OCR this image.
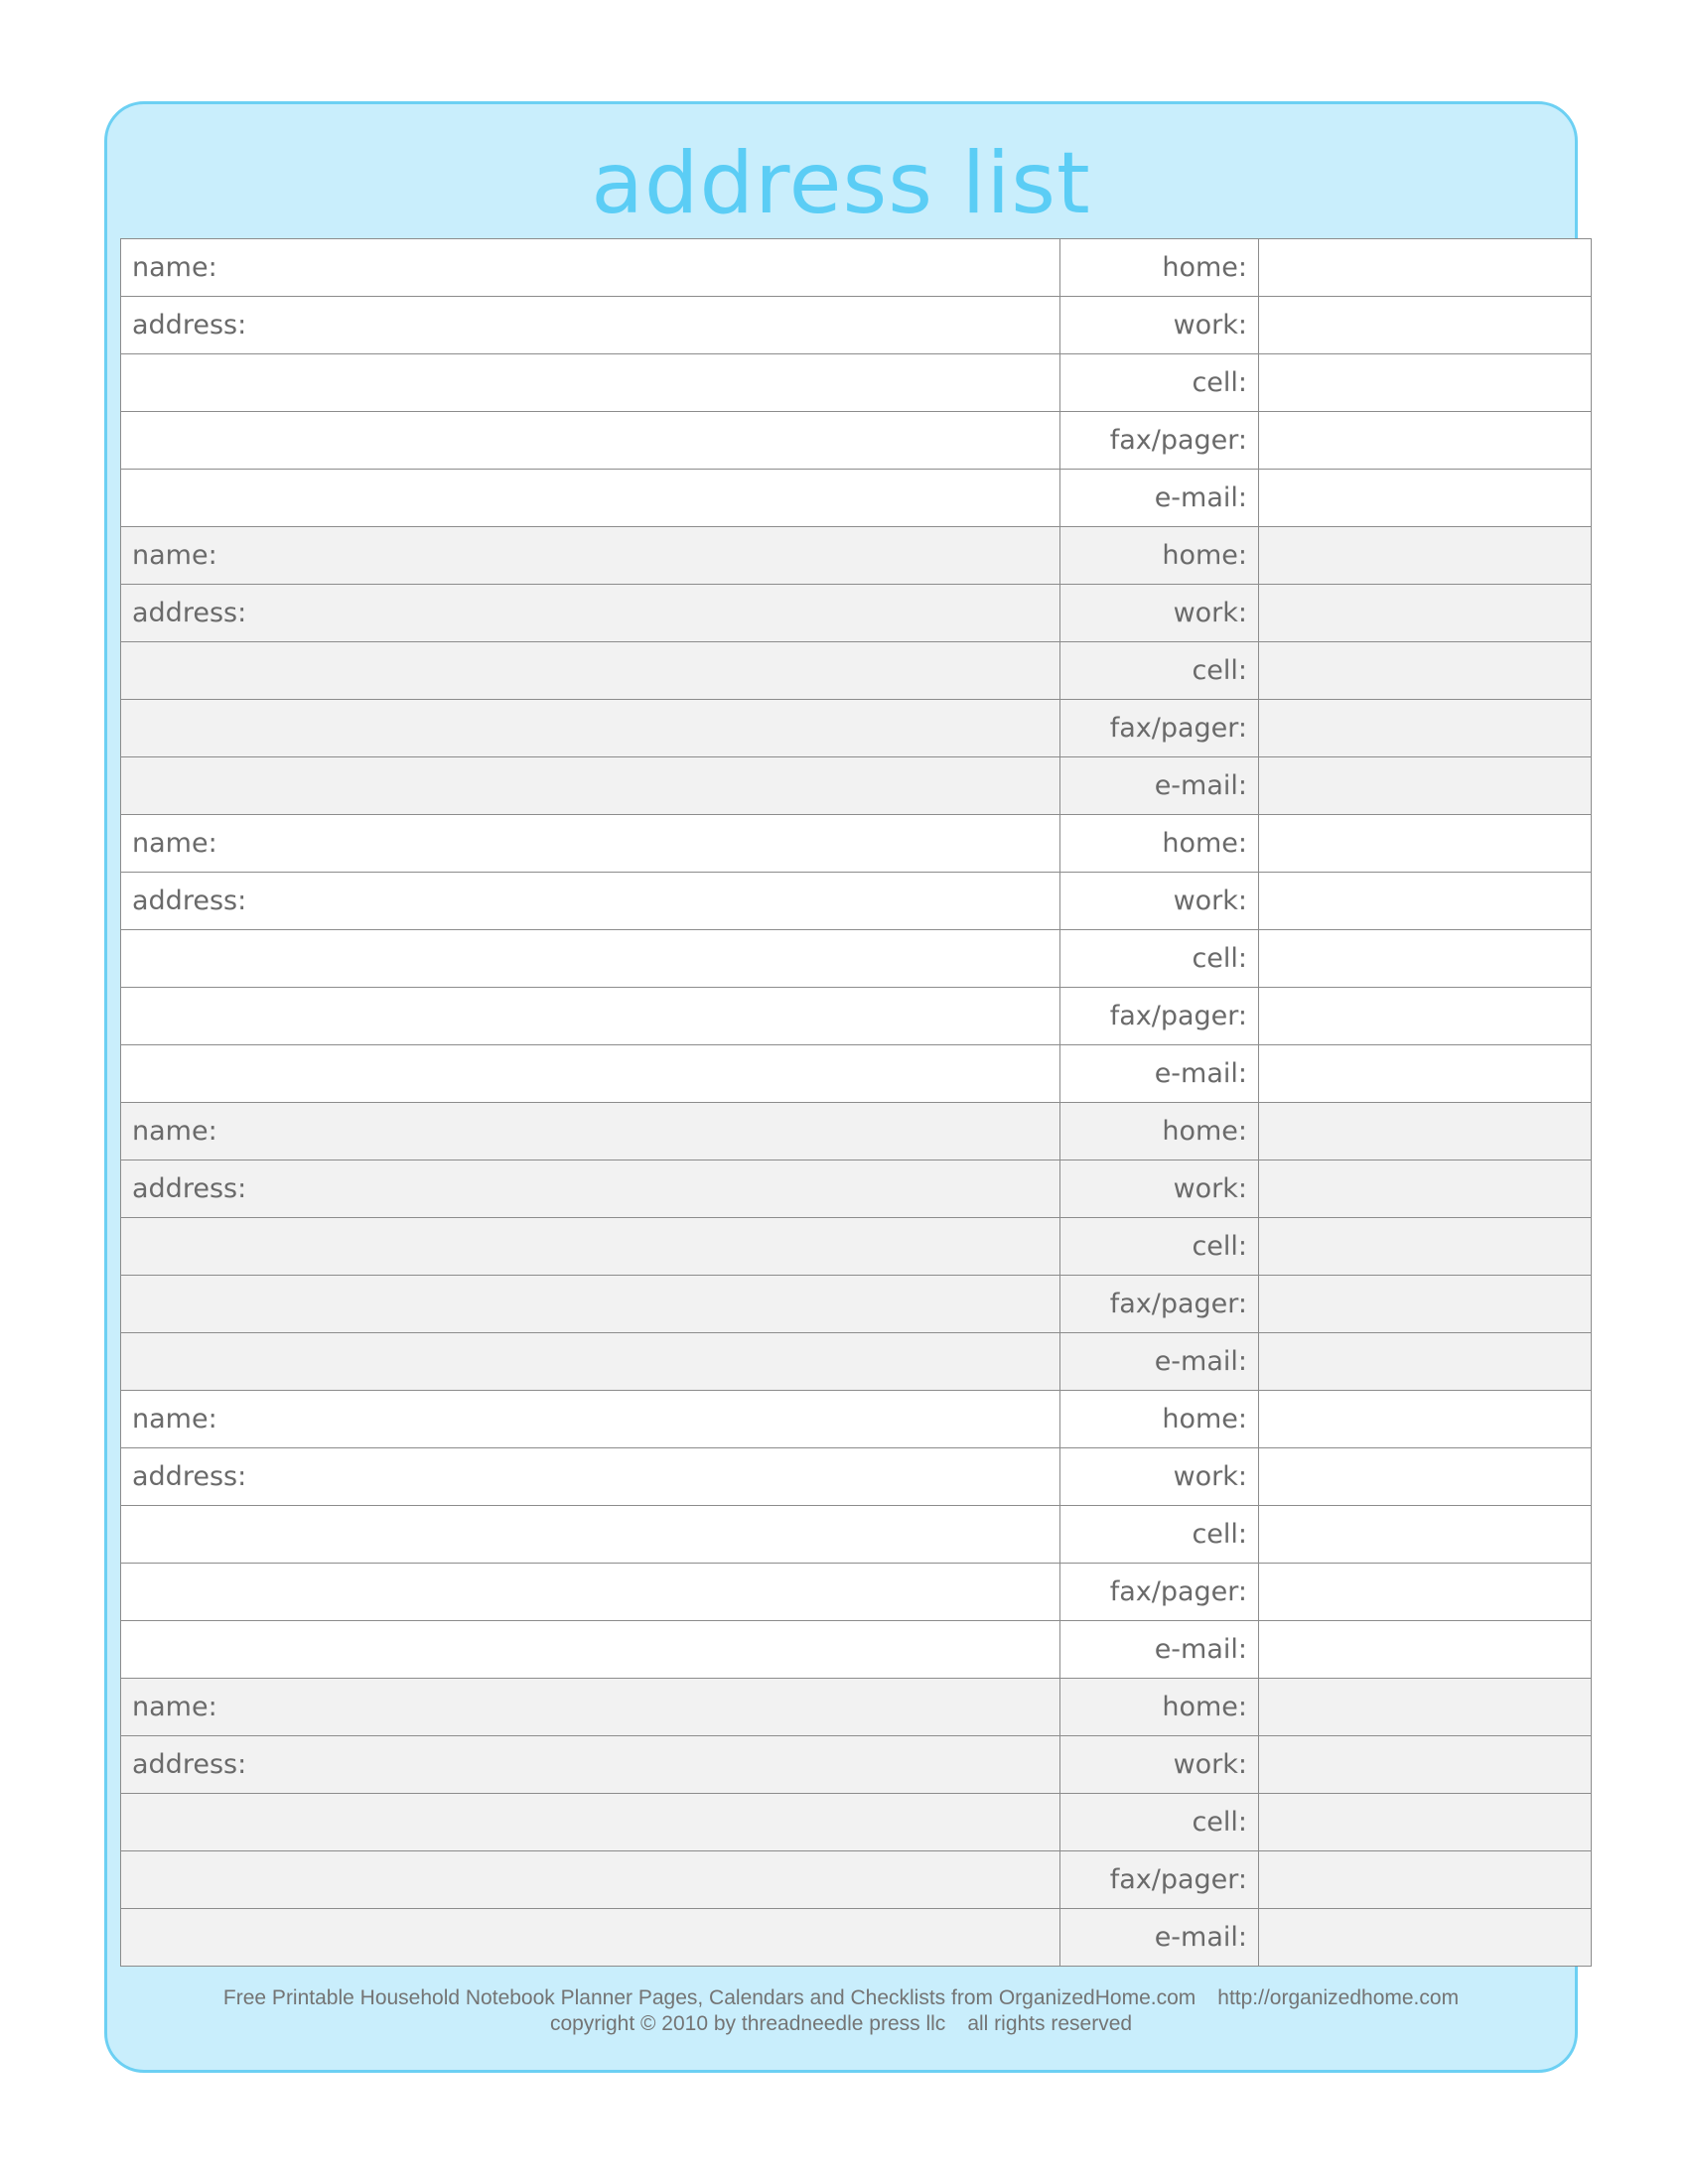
address list
name:	home:	
address:	work:	
	cell:	
	fax/pager:	
	e-mail:	
name:	home:	
address:	work:	
	cell:	
	fax/pager:	
	e-mail:	
name:	home:	
address:	work:	
	cell:	
	fax/pager:	
	e-mail:	
name:	home:	
address:	work:	
	cell:	
	fax/pager:	
	e-mail:	
name:	home:	
address:	work:	
	cell:	
	fax/pager:	
	e-mail:	
name:	home:	
address:	work:	
	cell:	
	fax/pager:	
	e-mail:	
Free Printable Household Notebook Planner Pages, Calendars and Checklists from OrganizedHome.com http://organizedhome.com
copyright © 2010 by threadneedle press llc all rights reserved
